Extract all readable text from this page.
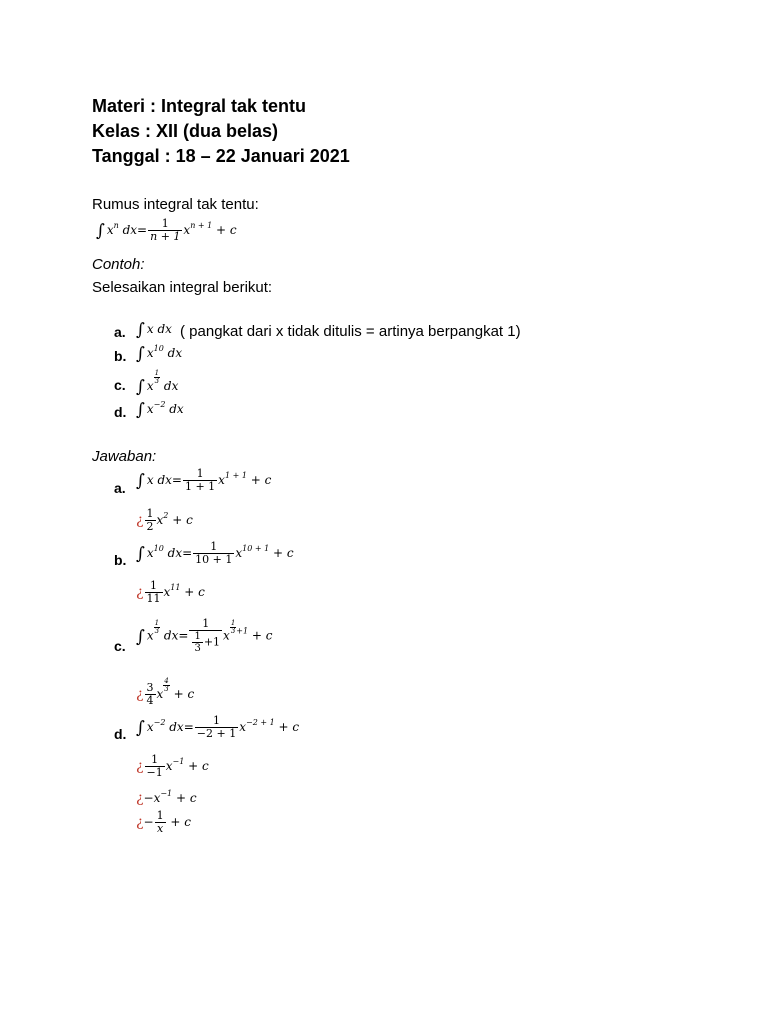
Materi : Integral tak tentu
Kelas : XII (dua belas)
Tanggal : 18 – 22 Januari 2021
Rumus integral tak tentu:
∫ $x^n$ $dx= \frac{1}{n + 1} x^{n + 1} + c$
Contoh:
Selesaikan integral berikut:
a. ∫ x dx ( pangkat dari x tidak ditulis = artinya berpangkat 1)
b. ∫ $x^{10}$ dx
c. ∫ x
$\frac{1}{3}$
dx
d. ∫ $x^{-2}$ dx
Jawaban:
a. ∫ x $dx= \frac{1}{1 + 1} x^{1 + 1} + c$
¿ $\frac{1}{2} x^2 + c$
b. ∫ $x^{10}$ $dx= \frac{1}{10 + 1} x^{10 + 1} + c$
¿ $\frac{1}{11} x^{11} + c$
c. ∫ x
$\frac{1}{3}$
$dx= \frac{1}{\frac{1}{3} +1}$ x
$\frac{1}{3} ^{+1} + c$
¿ $\frac{3}{4}$ x
$\frac{4}{3}$
+ c
d. ∫ $x^{-2}$ $dx= \frac{1}{-2 + 1} x^{-2 + 1} + c$
¿ $\frac{1}{-1} x^{-1} + c$
¿$-x^{-1} + c$
¿− $\frac{1}{x} + c$
